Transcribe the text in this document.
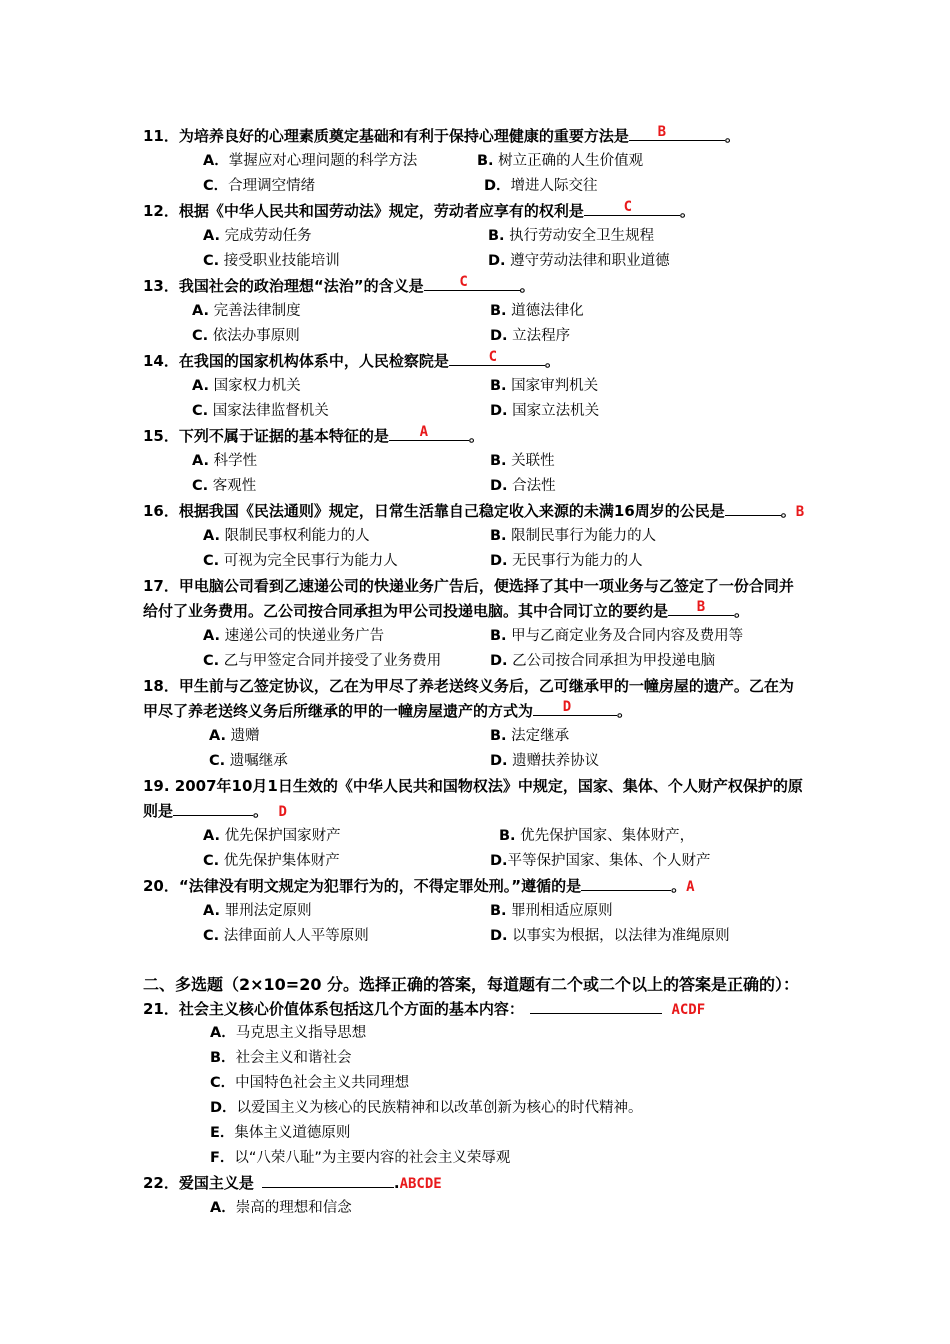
11．为培养良好的心理素质奠定基础和有利于保持心理健康的重要方法是	B	。
A．掌握应对心理问题的科学方法	B. 树立正确的人生价值观
C．合理调空情绪	D．增进人际交往
12．根据《中华人民共和国劳动法》规定，劳动者应享有的权利是	C	。
A. 完成劳动任务	B. 执行劳动安全卫生规程
C. 接受职业技能培训	D. 遵守劳动法律和职业道德
13．我国社会的政治理想“法治”的含义是	C	。
A. 完善法律制度	B. 道德法律化
C. 依法办事原则	D. 立法程序
14．在我国的国家机构体系中，人民检察院是	C	。
A. 国家权力机关	B. 国家审判机关
C. 国家法律监督机关	D. 国家立法机关
15．下列不属于证据的基本特征的是	A	。
A. 科学性	B. 关联性
C. 客观性	D. 合法性
16．根据我国《民法通则》规定，日常生活靠自己稳定收入来源的未满16周岁的公民是	。B
A. 限制民事权利能力的人	B. 限制民事行为能力的人
C. 可视为完全民事行为能力人	D. 无民事行为能力的人
17．甲电脑公司看到乙速递公司的快递业务广告后，便选择了其中一项业务与乙签定了一份合同并
给付了业务费用。乙公司按合同承担为甲公司投递电脑。其中合同订立的要约是	B	。
A. 速递公司的快递业务广告	B. 甲与乙商定业务及合同内容及费用等
C. 乙与甲签定合同并接受了业务费用	D. 乙公司按合同承担为甲投递电脑
18．甲生前与乙签定协议，乙在为甲尽了养老送终义务后，乙可继承甲的一幢房屋的遗产。乙在为
甲尽了养老送终义务后所继承的甲的一幢房屋遗产的方式为	D	。
A. 遗赠	B. 法定继承
C. 遗嘱继承	D. 遗赠扶养协议
19. 2007年10月1日生效的《中华人民共和国物权法》中规定，国家、集体、个人财产权保护的原
则是	。 D
A. 优先保护国家财产	B. 优先保护国家、集体财产，
C. 优先保护集体财产	D.平等保护国家、集体、个人财产
20．“法律没有明文规定为犯罪行为的，不得定罪处刑。”遵循的是	。A
A. 罪刑法定原则	B. 罪刑相适应原则
C. 法律面前人人平等原则	D. 以事实为根据，以法律为准绳原则
二、多选题（2×10=20 分。选择正确的答案，每道题有二个或二个以上的答案是正确的）：
21．社会主义核心价值体系包括这几个方面的基本内容：	ACDF
A．马克思主义指导思想
B．社会主义和谐社会
C．中国特色社会主义共同理想
D．以爱国主义为核心的民族精神和以改革创新为核心的时代精神。
E．集体主义道德原则
F．以“八荣八耻”为主要内容的社会主义荣辱观
22．爱国主义是	.ABCDE
A．崇高的理想和信念
